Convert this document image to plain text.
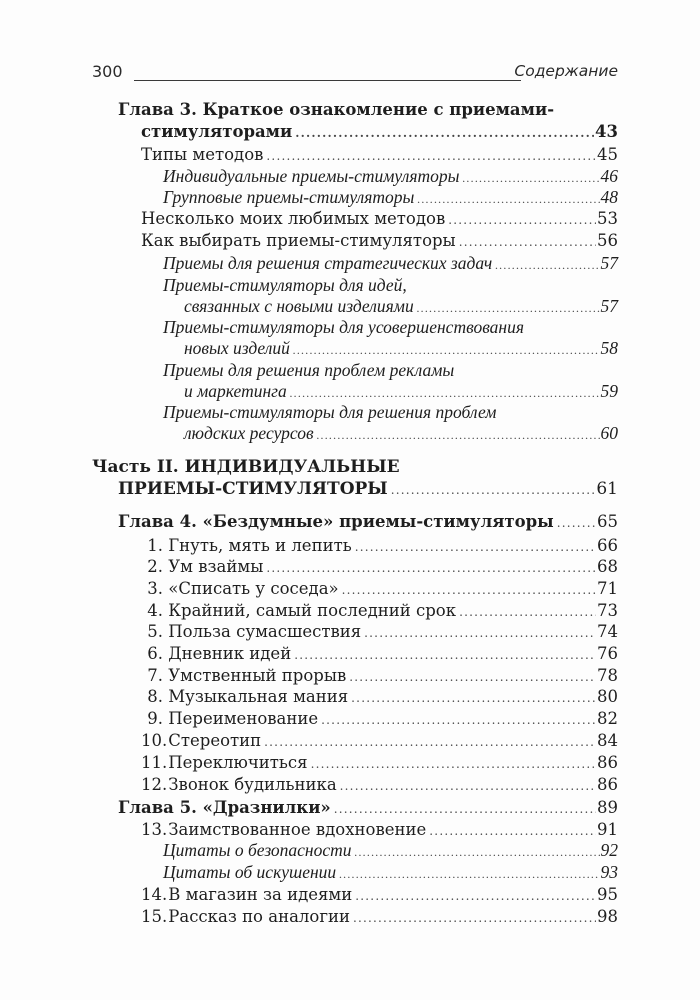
300	Содержание
Глава 3. Краткое ознакомление с приемами-
стимуляторами .....	43
Типы методов .....	45
Индивидуальные приемы-стимуляторы .....	46
Групповые приемы-стимуляторы .....	48
Несколько моих любимых методов .....	53
Как выбирать приемы-стимуляторы .....	56
Приемы для решения стратегических задач .....	57
Приемы-стимуляторы для идей,
связанных с новыми изделиями .....	57
Приемы-стимуляторы для усовершенствования
новых изделий .....	58
Приемы для решения проблем рекламы
и маркетинга .....	59
Приемы-стимуляторы для решения проблем
людских ресурсов .....	60
Часть II. ИНДИВИДУАЛЬНЫЕ
ПРИЕМЫ-СТИМУЛЯТОРЫ .....	61
Глава 4. «Бездумные» приемы-стимуляторы .....	65
1.
Гнуть, мять и лепить .....	66
2.
Ум взаймы .....	68
3.
«Списать у соседа» .....	71
4.
Крайний, самый последний срок .....	73
5.
Польза сумасшествия .....	74
6.
Дневник идей .....	76
7.
Умственный прорыв .....	78
8.
Музыкальная мания .....	80
9.
Переименование .....	82
10.
Стереотип .....	84
11.
Переключиться .....	86
12.
Звонок будильника .....	86
Глава 5. «Дразнилки» .....	89
13.
Заимствованное вдохновение .....	91
Цитаты о безопасности .....	92
Цитаты об искушении .....	93
14.
В магазин за идеями .....	95
15.
Рассказ по аналогии .....	98
